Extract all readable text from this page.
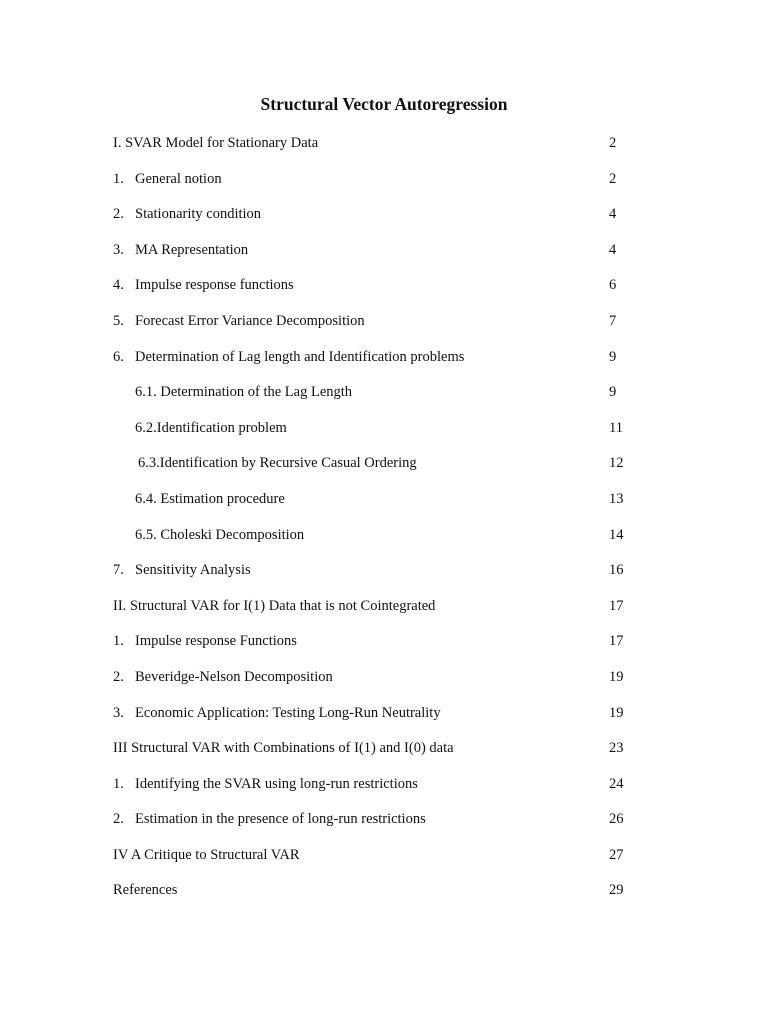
Structural Vector Autoregression
I. SVAR Model for Stationary Data	2
1. General notion	2
2. Stationarity condition	4
3. MA Representation	4
4. Impulse response functions	6
5. Forecast Error Variance Decomposition	7
6. Determination of Lag length and Identification problems	9
6.1. Determination of the Lag Length	9
6.2.Identification problem	11
6.3.Identification by Recursive Casual Ordering	12
6.4. Estimation procedure	13
6.5. Choleski Decomposition	14
7. Sensitivity Analysis	16
II. Structural VAR for I(1) Data that is not Cointegrated	17
1. Impulse response Functions	17
2. Beveridge-Nelson Decomposition	19
3. Economic Application: Testing Long-Run Neutrality	19
III Structural VAR with Combinations of I(1) and I(0) data	23
1. Identifying the SVAR using long-run restrictions	24
2. Estimation in the presence of long-run restrictions	26
IV A Critique to Structural VAR	27
References	29
